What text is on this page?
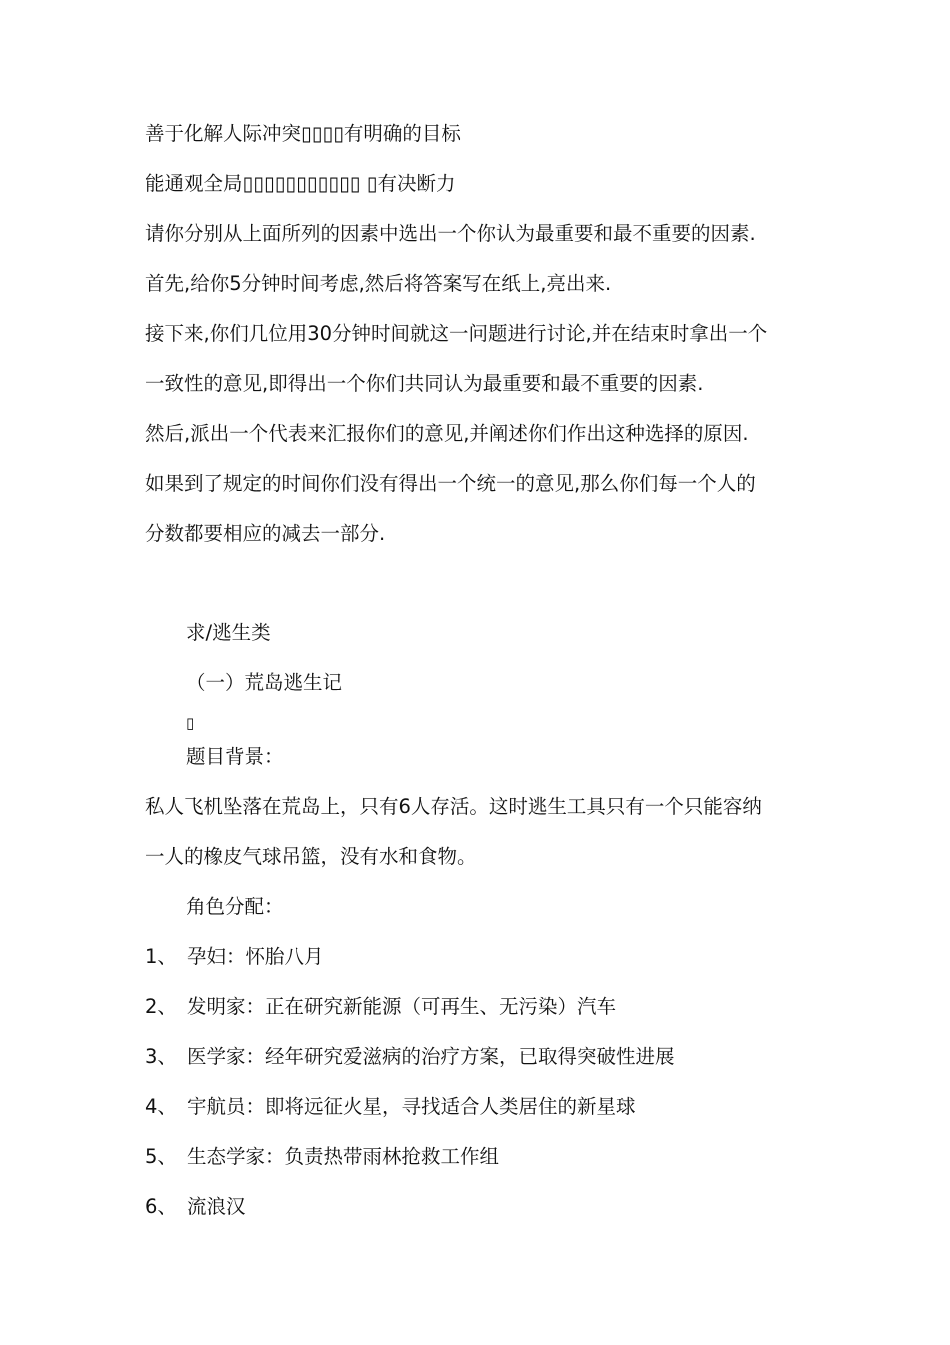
善于化解人际冲突▯▯▯▯有明确的目标
能通观全局▯▯▯▯▯▯▯▯▯▯▯ ▯有决断力
请你分别从上面所列的因素中选出一个你认为最重要和最不重要的因素.
首先,给你5分钟时间考虑,然后将答案写在纸上,亮出来.
接下来,你们几位用30分钟时间就这一问题进行讨论,并在结束时拿出一个
一致性的意见,即得出一个你们共同认为最重要和最不重要的因素.
然后,派出一个代表来汇报你们的意见,并阐述你们作出这种选择的原因.
如果到了规定的时间你们没有得出一个统一的意见,那么你们每一个人的
分数都要相应的减去一部分.
求/逃生类
（一）荒岛逃生记
▯
题目背景：
私人飞机坠落在荒岛上，只有6人存活。这时逃生工具只有一个只能容纳
一人的橡皮气球吊篮，没有水和食物。
角色分配：
1、 孕妇：怀胎八月
2、 发明家：正在研究新能源（可再生、无污染）汽车
3、 医学家：经年研究爱滋病的治疗方案，已取得突破性进展
4、 宇航员：即将远征火星，寻找适合人类居住的新星球
5、 生态学家：负责热带雨林抢救工作组
6、 流浪汉
